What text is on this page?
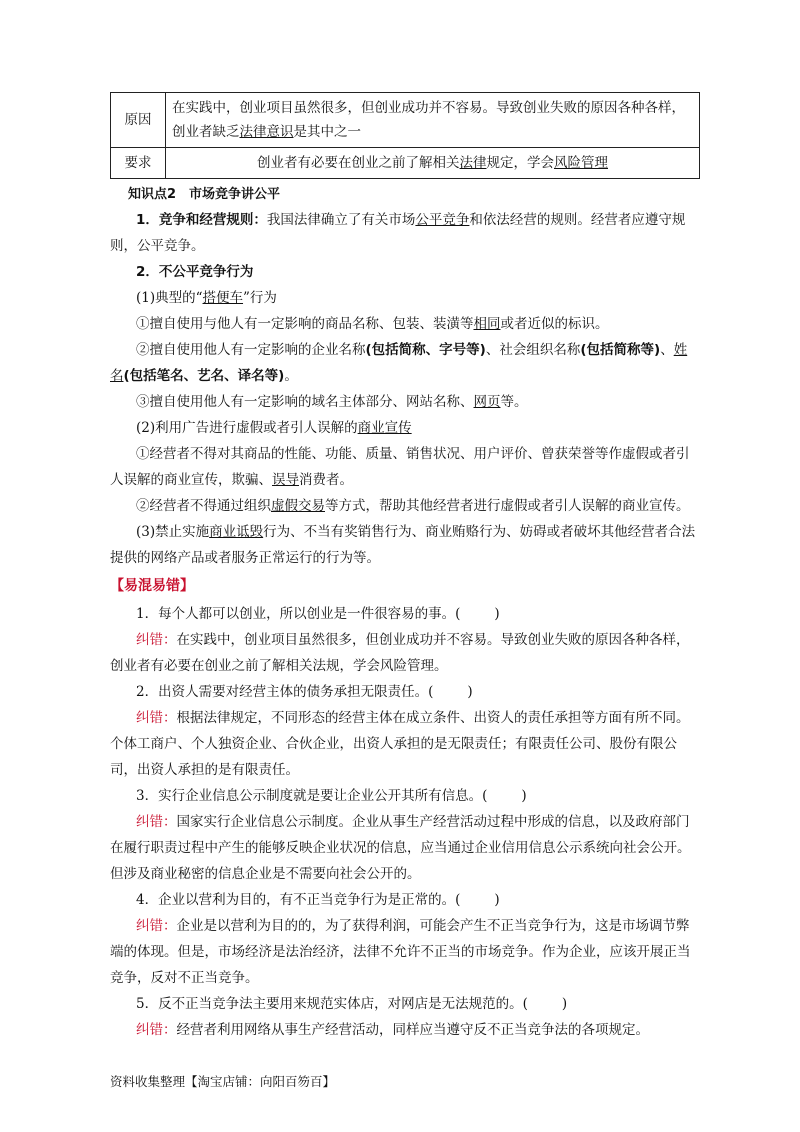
原因	在实践中，创业项目虽然很多，但创业成功并不容易。导致创业失败的原因各种各样，创业者缺乏法律意识是其中之一
要求	创业者有必要在创业之前了解相关法律规定，学会风险管理
知识点2　市场竞争讲公平

1．竞争和经营规则：我国法律确立了有关市场公平竞争和依法经营的规则。经营者应遵守规则，公平竞争。

2．不公平竞争行为

(1)典型的“搭便车”行为

①擅自使用与他人有一定影响的商品名称、包装、装潢等相同或者近似的标识。

②擅自使用他人有一定影响的企业名称(包括简称、字号等)、社会组织名称(包括简称等)、姓名(包括笔名、艺名、译名等)。

③擅自使用他人有一定影响的域名主体部分、网站名称、网页等。

(2)利用广告进行虚假或者引人误解的商业宣传

①经营者不得对其商品的性能、功能、质量、销售状况、用户评价、曾获荣誉等作虚假或者引人误解的商业宣传，欺骗、误导消费者。

②经营者不得通过组织虚假交易等方式，帮助其他经营者进行虚假或者引人误解的商业宣传。

(3)禁止实施商业诋毁行为、不当有奖销售行为、商业贿赂行为、妨碍或者破坏其他经营者合法提供的网络产品或者服务正常运行的行为等。

【易混易错】

1．每个人都可以创业，所以创业是一件很容易的事。(	)

纠错：在实践中，创业项目虽然很多，但创业成功并不容易。导致创业失败的原因各种各样，创业者有必要在创业之前了解相关法规，学会风险管理。

2．出资人需要对经营主体的债务承担无限责任。(	)

纠错：根据法律规定，不同形态的经营主体在成立条件、出资人的责任承担等方面有所不同。个体工商户、个人独资企业、合伙企业，出资人承担的是无限责任；有限责任公司、股份有限公司，出资人承担的是有限责任。

3．实行企业信息公示制度就是要让企业公开其所有信息。(	)

纠错：国家实行企业信息公示制度。企业从事生产经营活动过程中形成的信息，以及政府部门在履行职责过程中产生的能够反映企业状况的信息，应当通过企业信用信息公示系统向社会公开。但涉及商业秘密的信息企业是不需要向社会公开的。

4．企业以营利为目的，有不正当竞争行为是正常的。(	)

纠错：企业是以营利为目的的，为了获得利润，可能会产生不正当竞争行为，这是市场调节弊端的体现。但是，市场经济是法治经济，法律不允许不正当的市场竞争。作为企业，应该开展正当竞争，反对不正当竞争。

5．反不正当竞争法主要用来规范实体店，对网店是无法规范的。(	)

纠错：经营者利用网络从事生产经营活动，同样应当遵守反不正当竞争法的各项规定。

资料收集整理【淘宝店铺：向阳百笏百】
